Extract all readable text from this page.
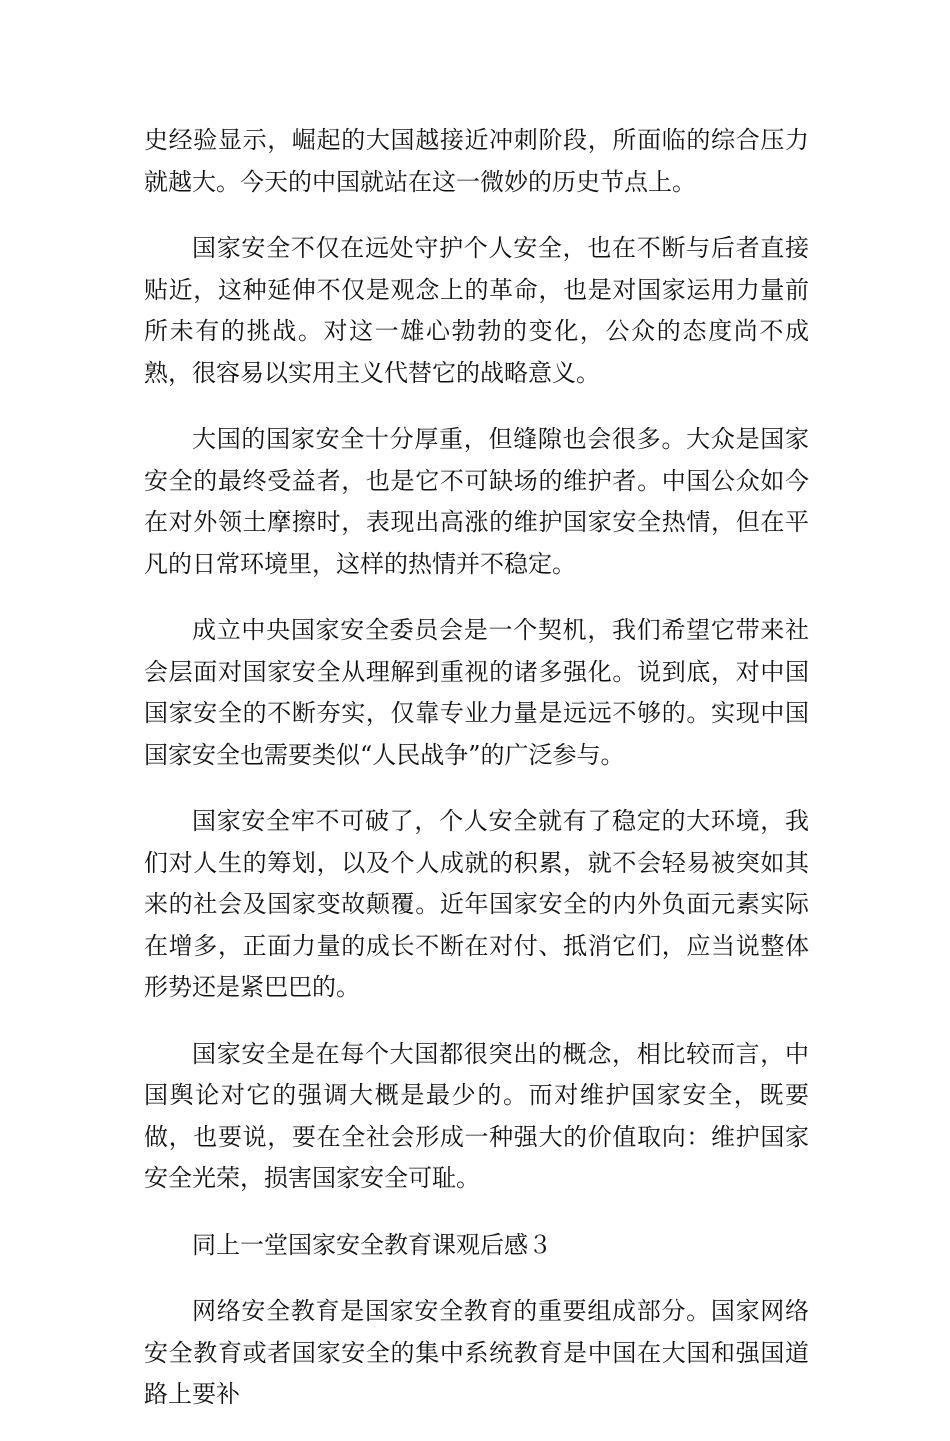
史经验显示，崛起的大国越接近冲刺阶段，所面临的综合压力就越大。今天的中国就站在这一微妙的历史节点上。

国家安全不仅在远处守护个人安全，也在不断与后者直接贴近，这种延伸不仅是观念上的革命，也是对国家运用力量前所未有的挑战。对这一雄心勃勃的变化，公众的态度尚不成熟，很容易以实用主义代替它的战略意义。

大国的国家安全十分厚重，但缝隙也会很多。大众是国家安全的最终受益者，也是它不可缺场的维护者。中国公众如今在对外领土摩擦时，表现出高涨的维护国家安全热情，但在平凡的日常环境里，这样的热情并不稳定。

成立中央国家安全委员会是一个契机，我们希望它带来社会层面对国家安全从理解到重视的诸多强化。说到底，对中国国家安全的不断夯实，仅靠专业力量是远远不够的。实现中国国家安全也需要类似“人民战争”的广泛参与。

国家安全牢不可破了，个人安全就有了稳定的大环境，我们对人生的筹划，以及个人成就的积累，就不会轻易被突如其来的社会及国家变故颠覆。近年国家安全的内外负面元素实际在增多，正面力量的成长不断在对付、抵消它们，应当说整体形势还是紧巴巴的。

国家安全是在每个大国都很突出的概念，相比较而言，中国舆论对它的强调大概是最少的。而对维护国家安全，既要做，也要说，要在全社会形成一种强大的价值取向：维护国家安全光荣，损害国家安全可耻。

同上一堂国家安全教育课观后感３

网络安全教育是国家安全教育的重要组成部分。国家网络安全教育或者国家安全的集中系统教育是中国在大国和强国道路上要补
